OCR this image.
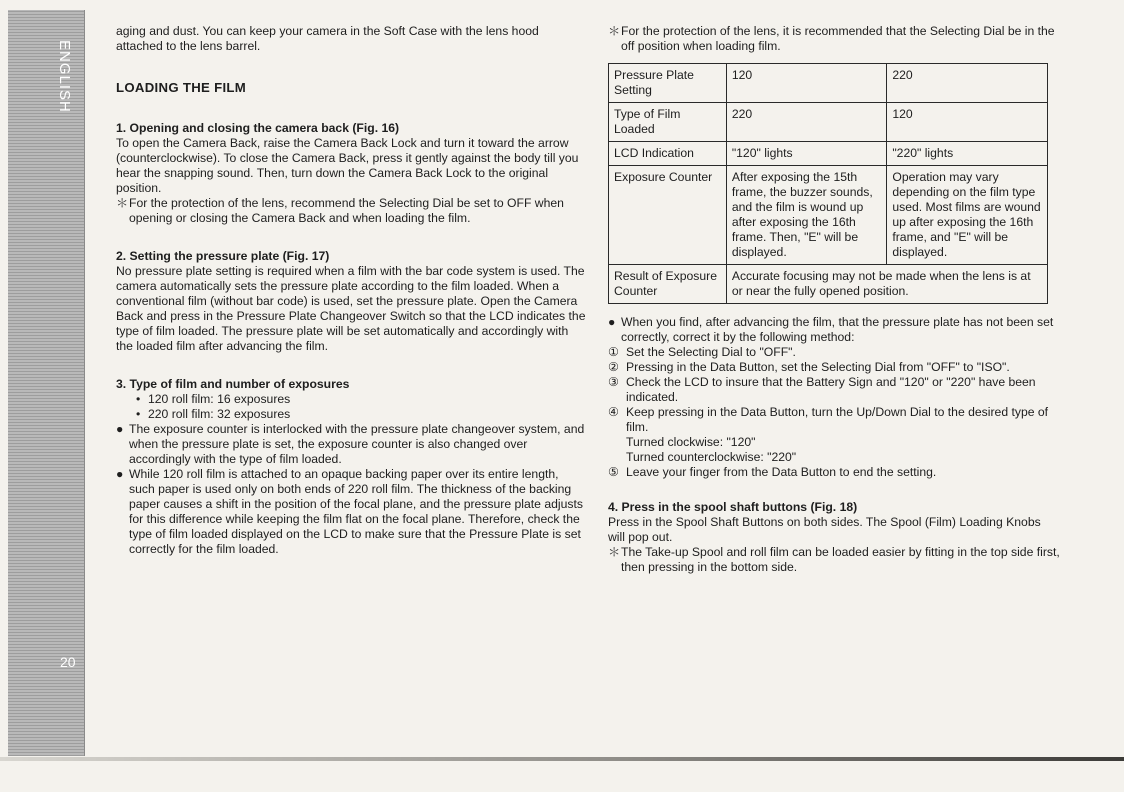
ENGLISH
20

aging and dust. You can keep your camera in the Soft Case with the lens hood attached to the lens barrel.

LOADING THE FILM

1. Opening and closing the camera back (Fig. 16)

To open the Camera Back, raise the Camera Back Lock and turn it toward the arrow (counterclockwise). To close the Camera Back, press it gently against the body till you hear the snapping sound. Then, turn down the Camera Back Lock to the original position.

＊ For the protection of the lens, recommend the Selecting Dial be set to OFF when opening or closing the Camera Back and when loading the film.

2. Setting the pressure plate (Fig. 17)

No pressure plate setting is required when a film with the bar code system is used. The camera automatically sets the pressure plate according to the film loaded. When a conventional film (without bar code) is used, set the pressure plate. Open the Camera Back and press in the Pressure Plate Changeover Switch so that the LCD indicates the type of film loaded. The pressure plate will be set automatically and accordingly with the loaded film after advancing the film.

3. Type of film and number of exposures

• 120 roll film: 16 exposures
• 220 roll film: 32 exposures
● The exposure counter is interlocked with the pressure plate changeover system, and when the pressure plate is set, the exposure counter is also changed over accordingly with the type of film loaded.
● While 120 roll film is attached to an opaque backing paper over its entire length, such paper is used only on both ends of 220 roll film. The thickness of the backing paper causes a shift in the position of the focal plane, and the pressure plate adjusts for this difference while keeping the film flat on the focal plane. Therefore, check the type of film loaded displayed on the LCD to make sure that the Pressure Plate is set correctly for the film loaded.
＊ For the protection of the lens, it is recommended that the Selecting Dial be in the off position when loading film.
Pressure Plate Setting	120	220
Type of Film Loaded	220	120
LCD Indication	"120" lights	"220" lights
Exposure Counter	After exposing the 15th frame, the buzzer sounds, and the film is wound up after exposing the 16th frame. Then, "E" will be displayed.	Operation may vary depending on the film type used. Most films are wound up after exposing the 16th frame, and "E" will be displayed.
Result of Exposure Counter	Accurate focusing may not be made when the lens is at or near the fully opened position.	
● When you find, after advancing the film, that the pressure plate has not been set correctly, correct it by the following method:
① Set the Selecting Dial to "OFF".
② Pressing in the Data Button, set the Selecting Dial from "OFF" to "ISO".
③ Check the LCD to insure that the Battery Sign and "120" or "220" have been indicated.
④ Keep pressing in the Data Button, turn the Up/Down Dial to the desired type of film.

Turned clockwise: "120"

Turned counterclockwise: "220"

⑤ Leave your finger from the Data Button to end the setting.

4. Press in the spool shaft buttons (Fig. 18)

Press in the Spool Shaft Buttons on both sides. The Spool (Film) Loading Knobs will pop out.

＊ The Take-up Spool and roll film can be loaded easier by fitting in the top side first, then pressing in the bottom side.
